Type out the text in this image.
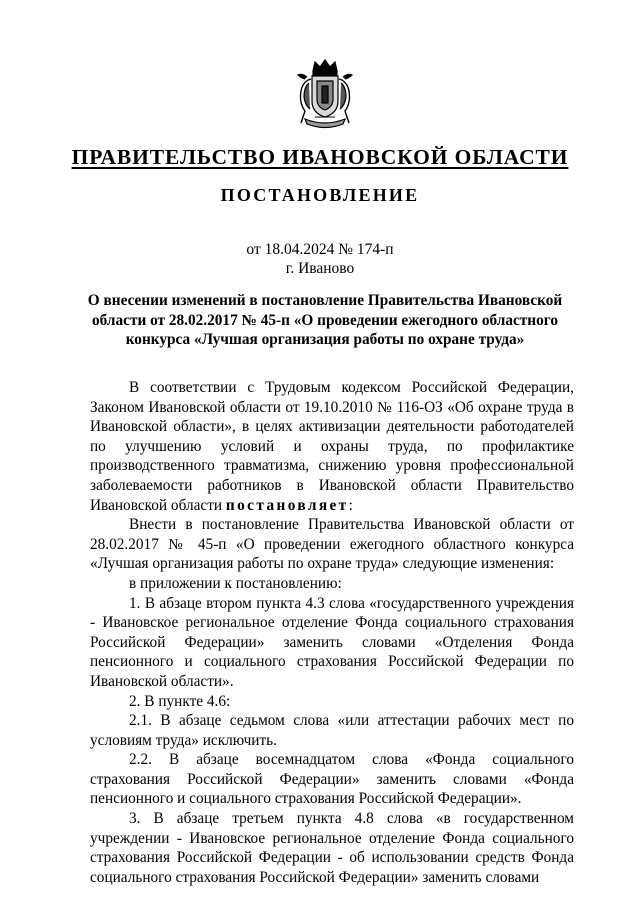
ПРАВИТЕЛЬСТВО ИВАНОВСКОЙ ОБЛАСТИ
ПОСТАНОВЛЕНИЕ
от 18.04.2024 № 174-п
г. Иваново
О внесении изменений в постановление Правительства Ивановской области от 28.02.2017 № 45-п «О проведении ежегодного областного конкурса «Лучшая организация работы по охране труда»

В соответствии с Трудовым кодексом Российской Федерации, Законом Ивановской области от 19.10.2010 № 116-ОЗ «Об охране труда в Ивановской области», в целях активизации деятельности работодателей по улучшению условий и охраны труда, по профилактике производственного травматизма, снижению уровня профессиональной заболеваемости работников в Ивановской области Правительство Ивановской области постановляет:

Внести в постановление Правительства Ивановской области от 28.02.2017 № 45-п «О проведении ежегодного областного конкурса «Лучшая организация работы по охране труда» следующие изменения:

в приложении к постановлению:

1. В абзаце втором пункта 4.3 слова «государственного учреждения - Ивановское региональное отделение Фонда социального страхования Российской Федерации» заменить словами «Отделения Фонда пенсионного и социального страхования Российской Федерации по Ивановской области».

2. В пункте 4.6:

2.1. В абзаце седьмом слова «или аттестации рабочих мест по условиям труда» исключить.

2.2. В абзаце восемнадцатом слова «Фонда социального страхования Российской Федерации» заменить словами «Фонда пенсионного и социального страхования Российской Федерации».

3. В абзаце третьем пункта 4.8 слова «в государственном учреждении - Ивановское региональное отделение Фонда социального страхования Российской Федерации - об использовании средств Фонда социального страхования Российской Федерации» заменить словами
